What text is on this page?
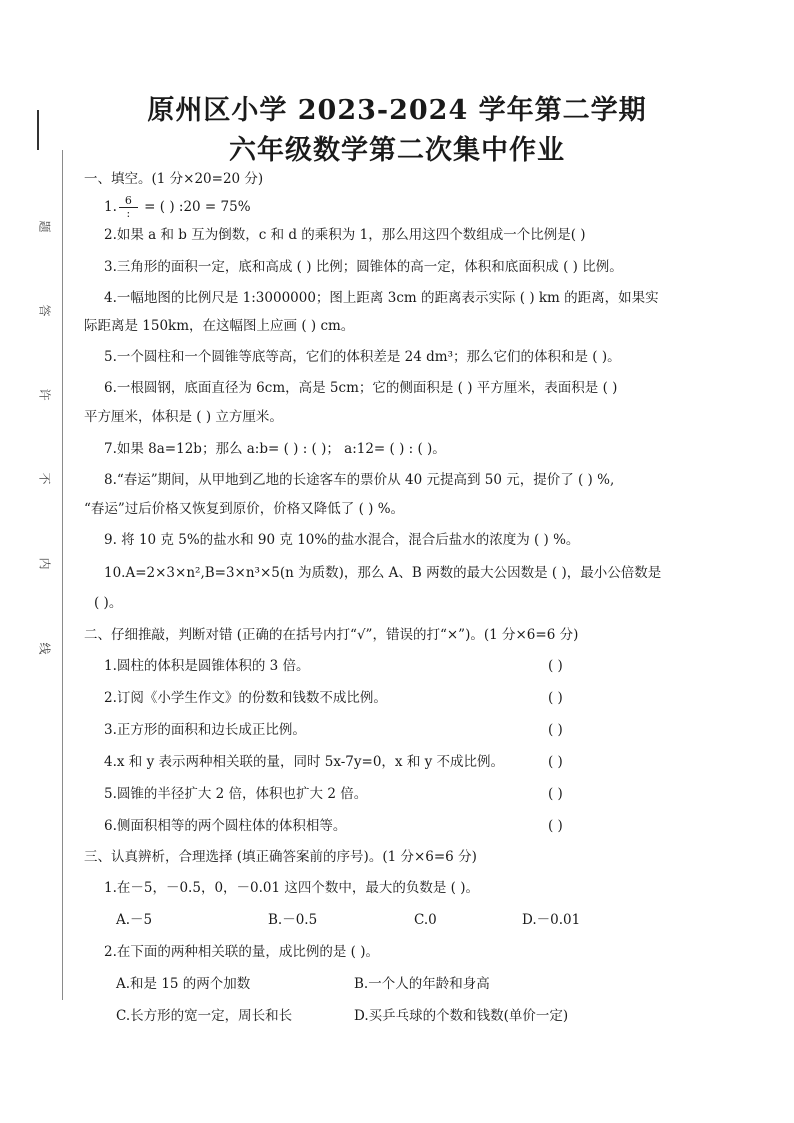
题
答
许
不
内
线
原州区小学 2023-2024 学年第二学期
六年级数学第二次集中作业
一、填空。(1 分×20=20 分)
1. $\frac{6}{:}$ = ( ) :20 = 75%
2.如果 a 和 b 互为倒数，c 和 d 的乘积为 1，那么用这四个数组成一个比例是( )
3.三角形的面积一定，底和高成 ( ) 比例；圆锥体的高一定，体积和底面积成 ( ) 比例。
4.一幅地图的比例尺是 1:3000000；图上距离 3cm 的距离表示实际 ( ) km 的距离，如果实
际距离是 150km，在这幅图上应画 ( ) cm。
5.一个圆柱和一个圆锥等底等高，它们的体积差是 24 dm³；那么它们的体积和是 ( )。
6.一根圆钢，底面直径为 6cm，高是 5cm；它的侧面积是 ( ) 平方厘米，表面积是 ( )
平方厘米，体积是 ( ) 立方厘米。
7.如果 8a=12b；那么 a:b= ( ) : ( )； a:12= ( ) : ( )。
8.“春运”期间，从甲地到乙地的长途客车的票价从 40 元提高到 50 元，提价了 ( ) %,
“春运”过后价格又恢复到原价，价格又降低了 ( ) %。
9. 将 10 克 5%的盐水和 90 克 10%的盐水混合，混合后盐水的浓度为 ( ) %。
10.A=2×3×n²,B=3×n³×5(n 为质数)，那么 A、B 两数的最大公因数是 ( )，最小公倍数是
( )。
二、仔细推敲，判断对错 (正确的在括号内打“√”，错误的打“×”)。(1 分×6=6 分)
1.圆柱的体积是圆锥体积的 3 倍。	( )
2.订阅《小学生作文》的份数和钱数不成比例。	( )
3.正方形的面积和边长成正比例。	( )
4.x 和 y 表示两种相关联的量，同时 5x-7y=0，x 和 y 不成比例。	( )
5.圆锥的半径扩大 2 倍，体积也扩大 2 倍。	( )
6.侧面积相等的两个圆柱体的体积相等。	( )
三、认真辨析，合理选择 (填正确答案前的序号)。(1 分×6=6 分)
1.在－5，－0.5，0，－0.01 这四个数中，最大的负数是 ( )。
A.－5	B.－0.5	C.0	D.－0.01
2.在下面的两种相关联的量，成比例的是 ( )。
A.和是 15 的两个加数	B.一个人的年龄和身高
C.长方形的宽一定，周长和长	D.买乒乓球的个数和钱数(单价一定)
